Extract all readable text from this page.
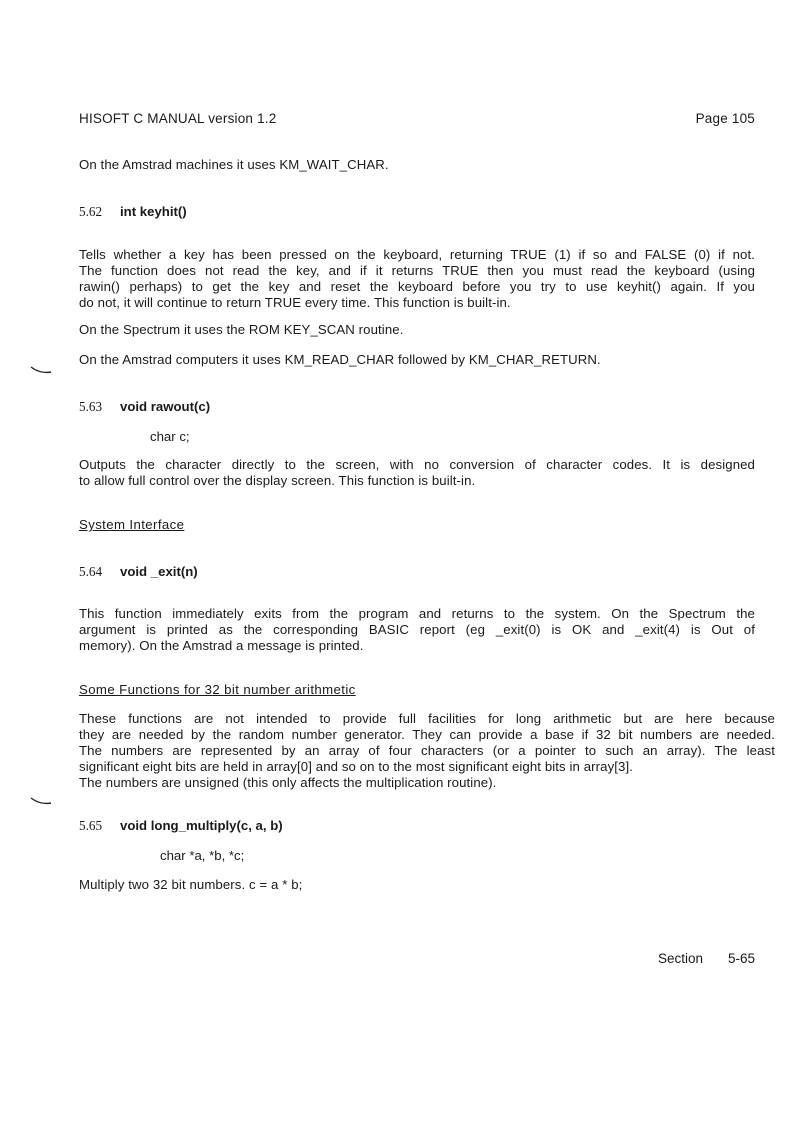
HISOFT C MANUAL version 1.2	Page 105
On the Amstrad machines it uses KM_WAIT_CHAR.
5.62 int keyhit()
Tells whether a key has been pressed on the keyboard, returning TRUE (1) if so and FALSE (0) if not.
The function does not read the key, and if it returns TRUE then you must read the keyboard (using
rawin() perhaps) to get the key and reset the keyboard before you try to use keyhit() again. If you
do not, it will continue to return TRUE every time. This function is built-in.
On the Spectrum it uses the ROM KEY_SCAN routine.
On the Amstrad computers it uses KM_READ_CHAR followed by KM_CHAR_RETURN.
5.63 void rawout(c)
char c;
Outputs the character directly to the screen, with no conversion of character codes. It is designed
to allow full control over the display screen. This function is built-in.
System Interface
5.64 void _exit(n)
This function immediately exits from the program and returns to the system. On the Spectrum the
argument is printed as the corresponding BASIC report (eg _exit(0) is OK and _exit(4) is Out of
memory). On the Amstrad a message is printed.
Some Functions for 32 bit number arithmetic
These functions are not intended to provide full facilities for long arithmetic but are here because
they are needed by the random number generator. They can provide a base if 32 bit numbers are needed.
The numbers are represented by an array of four characters (or a pointer to such an array). The least
significant eight bits are held in array[0] and so on to the most significant eight bits in array[3].
The numbers are unsigned (this only affects the multiplication routine).
5.65 void long_multiply(c, a, b)
char *a, *b, *c;
Multiply two 32 bit numbers. c = a * b;
Section 5-65
